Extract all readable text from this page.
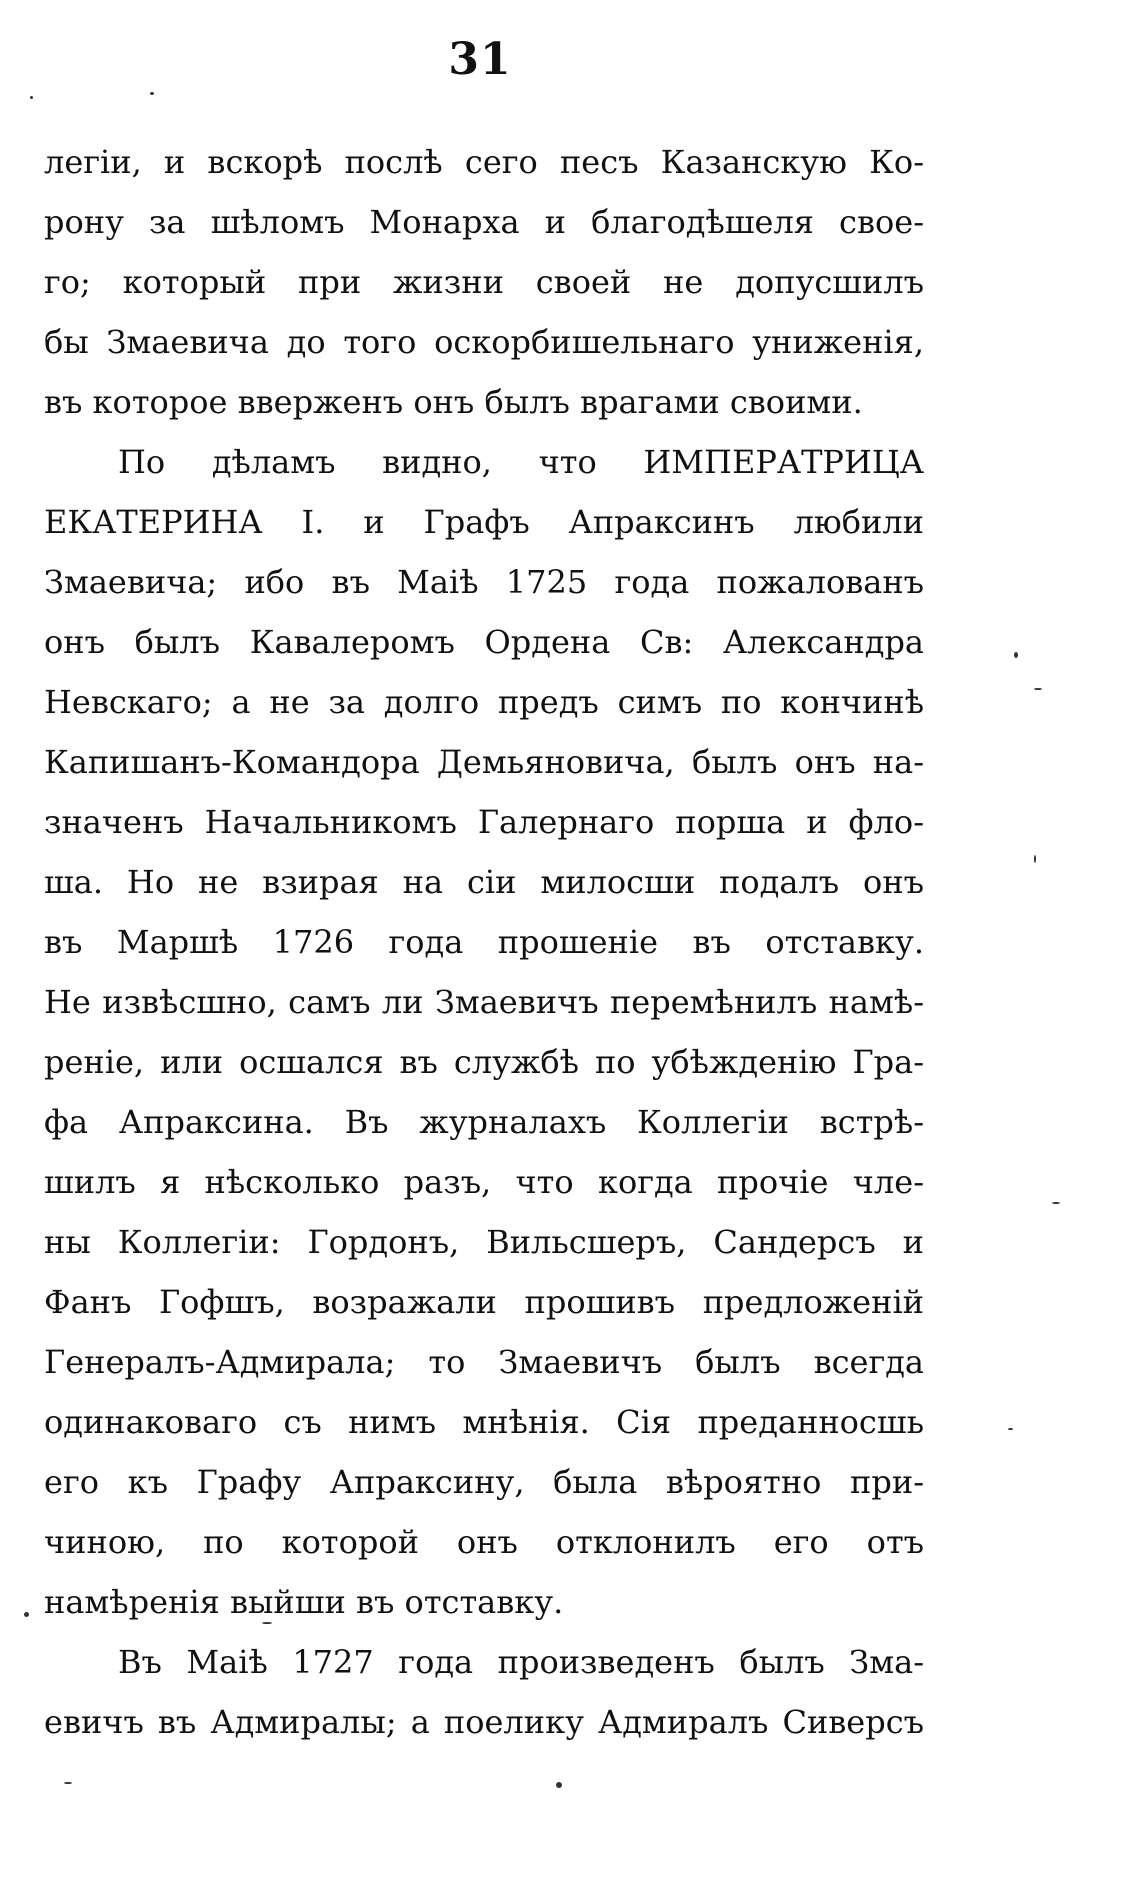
31
легіи, и вскорѣ послѣ сего песъ Казанскую Ко-
рону за шѣломъ Монарха и благодѣшеля свое-
го; который при жизни своей не допусшилъ
бы Змаевича до того оскорбишельнаго униженія,
въ которое ввержeнъ онъ былъ врагами своими.
По дѣламъ видно, что ИМПЕРАТРИЦА
ЕКАТЕРИНА I. и Графъ Апраксинъ любили
Змаевича; ибо въ Маіѣ 1725 года пожалованъ
онъ былъ Кавалеромъ Ордена Св: Александра
Невскаго; а не за долго предъ симъ по кончинѣ
Капишанъ-Командора Демьяновича, былъ онъ на-
значенъ Начальникомъ Галернаго порша и фло-
ша. Но не взирая на сіи милосши подалъ онъ
въ Маршѣ 1726 года прошеніе въ отставку.
Не извѣсшно, самъ ли Змаевичъ перемѣнилъ намѣ-
реніе, или осшался въ службѣ по убѣжденію Гра-
фа Апраксина. Въ журналахъ Коллегіи встрѣ-
шилъ я нѣсколько разъ, что когда прочіе чле-
ны Коллегіи: Гордонъ, Вильсшеръ, Сандерсъ и
Фанъ Гофшъ, возражали прошивъ предложеній
Генералъ-Адмирала; то Змаевичъ былъ всегда
одинаковаго съ нимъ мнѣнія. Сія преданносшь
его къ Графу Апраксину, была вѣроятно при-
чиною, по которой онъ отклонилъ его отъ
намѣренія выйши въ отставку.
Въ Маіѣ 1727 года произведенъ былъ Зма-
евичъ въ Адмиралы; а поелику Адмиралъ Сиверсъ
